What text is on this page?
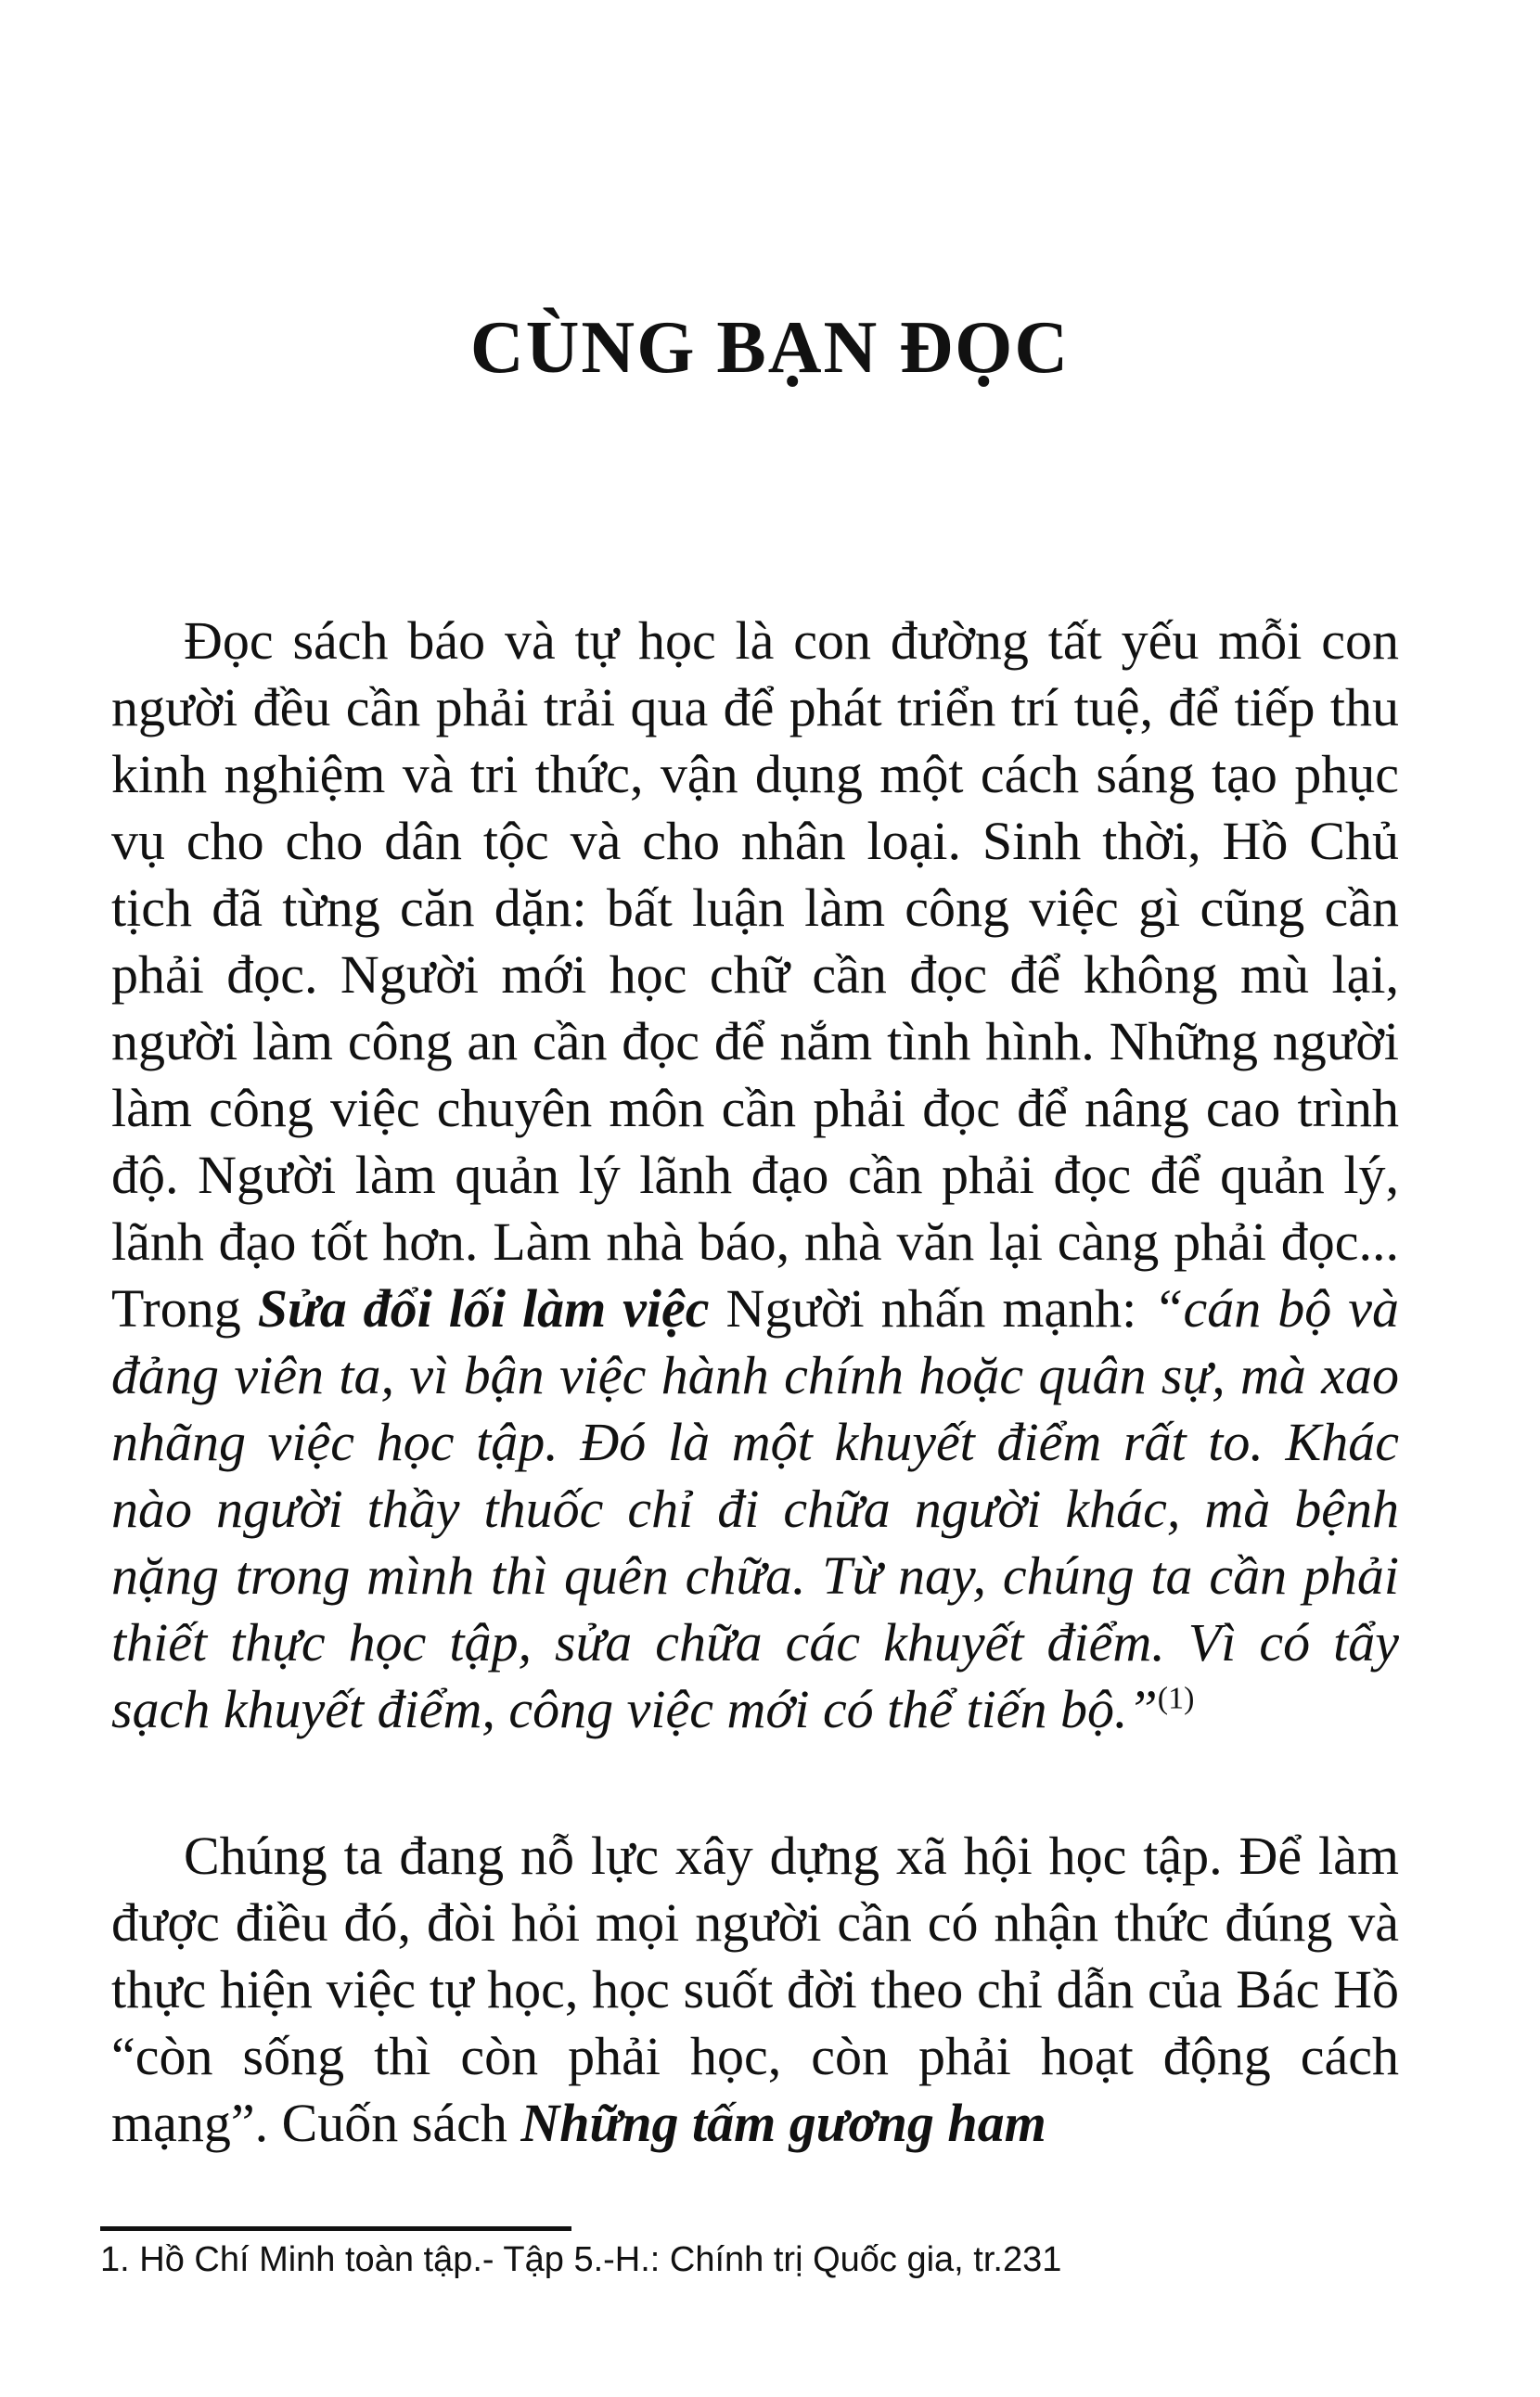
CÙNG BẠN ĐỌC

Đọc sách báo và tự học là con đường tất yếu mỗi con người đều cần phải trải qua để phát triển trí tuệ, để tiếp thu kinh nghiệm và tri thức, vận dụng một cách sáng tạo phục vụ cho cho dân tộc và cho nhân loại. Sinh thời, Hồ Chủ tịch đã từng căn dặn: bất luận làm công việc gì cũng cần phải đọc. Người mới học chữ cần đọc để không mù lại, người làm công an cần đọc để nắm tình hình. Những người làm công việc chuyên môn cần phải đọc để nâng cao trình độ. Người làm quản lý lãnh đạo cần phải đọc để quản lý, lãnh đạo tốt hơn. Làm nhà báo, nhà văn lại càng phải đọc... Trong Sửa đổi lối làm việc Người nhấn mạnh: “cán bộ và đảng viên ta, vì bận việc hành chính hoặc quân sự, mà xao nhãng việc học tập. Đó là một khuyết điểm rất to. Khác nào người thầy thuốc chỉ đi chữa người khác, mà bệnh nặng trong mình thì quên chữa. Từ nay, chúng ta cần phải thiết thực học tập, sửa chữa các khuyết điểm. Vì có tẩy sạch khuyết điểm, công việc mới có thể tiến bộ.”$^{(1)}$

Chúng ta đang nỗ lực xây dựng xã hội học tập. Để làm được điều đó, đòi hỏi mọi người cần có nhận thức đúng và thực hiện việc tự học, học suốt đời theo chỉ dẫn của Bác Hồ “còn sống thì còn phải học, còn phải hoạt động cách mạng”. Cuốn sách Những tấm gương ham

1. Hồ Chí Minh toàn tập.- Tập 5.-H.: Chính trị Quốc gia, tr.231
